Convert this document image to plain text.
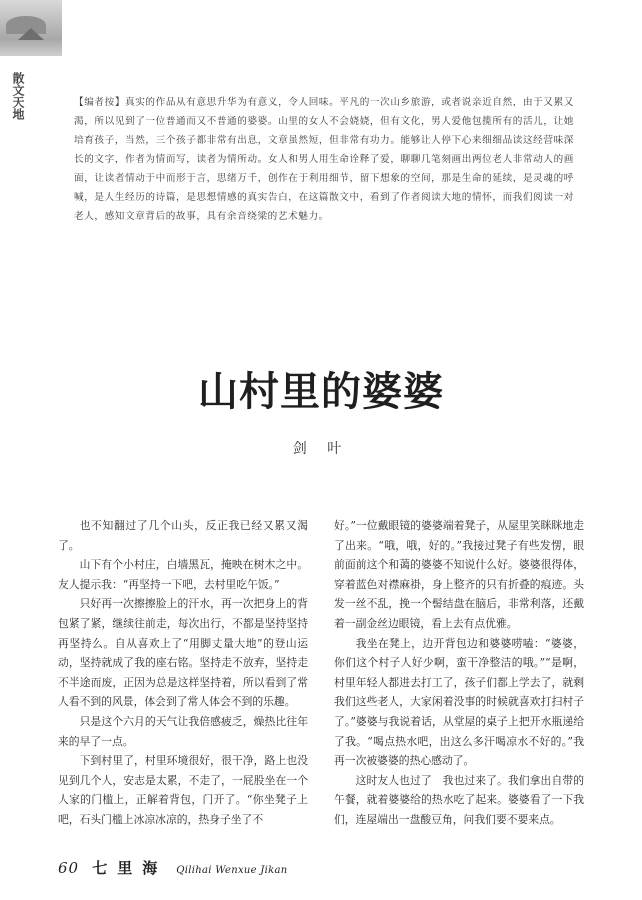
散文天地	【编者按】真实的作品从有意思升华为有意义，令人回味。平凡的一次山乡旅游，或者说亲近自然，由于又累又渴，所以见到了一位普通而又不普通的婆婆。山里的女人不会娆娆，但有文化，男人爱他包揽所有的活儿，让她培育孩子，当然，三个孩子都非常有出息，文章虽然短，但非常有功力。能够让人停下心来细细品读这经营味深长的文字，作者为情而写，读者为情所动。女人和男人用生命诠释了爱，聊聊几笔刻画出两位老人非常动人的画面，让读者情动于中而形于言，思绪万千，创作在于利用细节，留下想象的空间，那是生命的延续，是灵魂的呼喊，是人生经历的诗篇，是思想情感的真实告白，在这篇散文中，看到了作者阅读大地的情怀，而我们阅读一对老人，感知文章背后的故事，具有余音绕梁的艺术魅力。
山村里的婆婆
剑 叶

也不知翻过了几个山头，反正我已经又累又渴了。

山下有个小村庄，白墙黑瓦，掩映在树木之中。友人提示我：“再坚持一下吧，去村里吃午饭。”

只好再一次擦擦脸上的汗水，再一次把身上的背包紧了紧，继续往前走，每次出行，不都是坚持坚持再坚持么。自从喜欢上了“用脚丈量大地”的登山运动，坚持就成了我的座右铭。坚持走不放弃，坚持走不半途而废，正因为总是这样坚持着，所以看到了常人看不到的风景，体会到了常人体会不到的乐趣。

只是这个六月的天气让我倍感疲乏，燥热比往年来的早了一点。

下到村里了，村里环境很好，很干净，路上也没见到几个人，安志是太累，不走了，一屁股坐在一个人家的门槛上，正解着背包，门开了。“你坐凳子上吧，石头门槛上冰凉冰凉的，热身子坐了不

好。”一位戴眼镜的婆婆端着凳子，从屋里笑眯眯地走了出来。“哦，哦，好的。”我接过凳子有些发愣，眼前面前这个和蔼的婆婆不知说什么好。婆婆很得体，穿着蓝色对襟麻褂，身上整齐的只有折叠的痕迹。头发一丝不乱，挽一个髻结盘在脑后，非常利落，还戴着一副金丝边眼镜，看上去有点优雅。

我坐在凳上，边开背包边和婆婆唠嗑：“婆婆，你们这个村子人好少啊，蛮干净整洁的哦。”“是啊，村里年轻人都进去打工了，孩子们都上学去了，就剩我们这些老人，大家闲着没事的时候就喜欢打扫村子了。”婆婆与我说着话，从堂屋的桌子上把开水瓶递给了我。“喝点热水吧，出这么多汗喝凉水不好的。”我再一次被婆婆的热心感动了。

这时友人也过了　我也过来了。我们拿出自带的午餐，就着婆婆给的热水吃了起来。婆婆看了一下我们，连屋端出一盘酸豆角，问我们要不要来点。

60 七里海 Qilihai Wenxue Jikan
